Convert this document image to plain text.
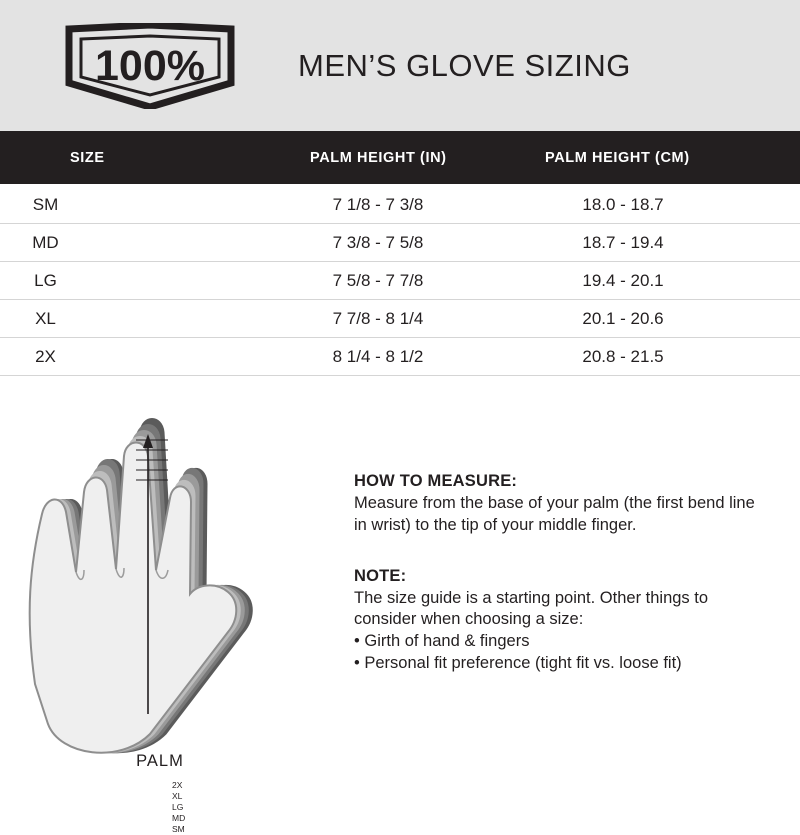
100%	MEN’S GLOVE SIZING
SIZE	PALM HEIGHT (IN)	PALM HEIGHT (CM)

SM	7 1/8 - 7 3/8	18.0 - 18.7
MD	7 3/8 - 7 5/8	18.7 - 19.4
LG	7 5/8 - 7 7/8	19.4 - 20.1
XL	7 7/8 - 8 1/4	20.1 - 20.6
2X	8 1/4 - 8 1/2	20.8 - 21.5
2X
XL
LG
MD
SM
PALM

HOW TO MEASURE:

Measure from the base of your palm (the first bend line in wrist) to the tip of your middle finger.

NOTE:

The size guide is a starting point. Other things to consider when choosing a size:

• Girth of hand & fingers

• Personal fit preference (tight fit vs. loose fit)
